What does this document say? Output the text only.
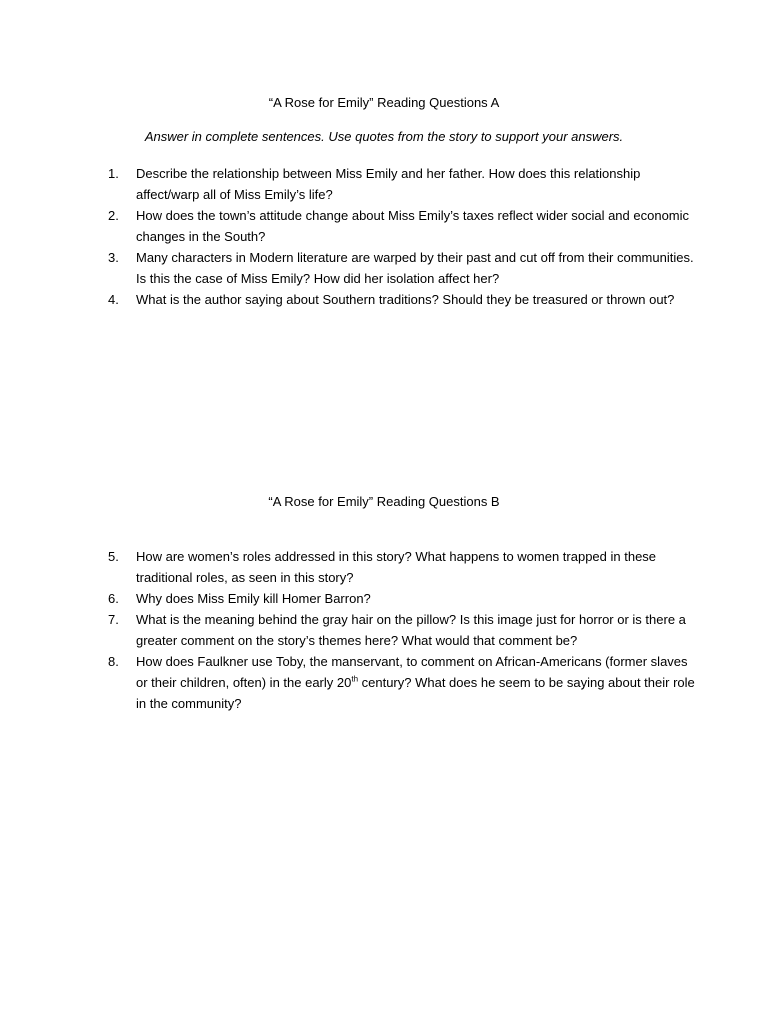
“A Rose for Emily” Reading Questions A

Answer in complete sentences. Use quotes from the story to support your answers.

1.	Describe the relationship between Miss Emily and her father. How does this relationship affect/warp all of Miss Emily’s life?
2.	How does the town’s attitude change about Miss Emily’s taxes reflect wider social and economic changes in the South?
3.	Many characters in Modern literature are warped by their past and cut off from their communities. Is this the case of Miss Emily? How did her isolation affect her?
4.	What is the author saying about Southern traditions? Should they be treasured or thrown out?
“A Rose for Emily” Reading Questions B
5.	How are women’s roles addressed in this story? What happens to women trapped in these traditional roles, as seen in this story?
6.	Why does Miss Emily kill Homer Barron?
7.	What is the meaning behind the gray hair on the pillow? Is this image just for horror or is there a greater comment on the story’s themes here? What would that comment be?
8.	How does Faulkner use Toby, the manservant, to comment on African-Americans (former slaves or their children, often) in the early 20th century? What does he seem to be saying about their role in the community?
